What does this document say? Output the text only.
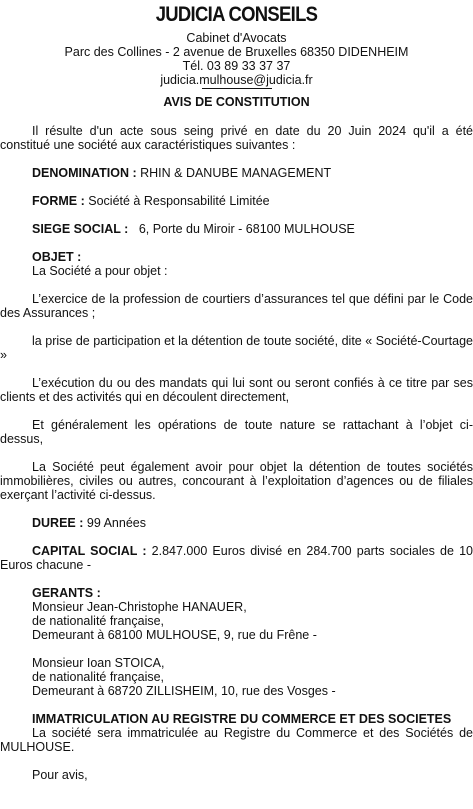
JUDICIA CONSEILS

Cabinet d'Avocats

Parc des Collines - 2 avenue de Bruxelles 68350 DIDENHEIM

Tél. 03 89 33 37 37

judicia.mulhouse@judicia.fr

AVIS DE CONSTITUTION

Il résulte d'un acte sous seing privé en date du 20 Juin 2024 qu'il a été constitué une société aux caractéristiques suivantes :

DENOMINATION : RHIN & DANUBE MANAGEMENT

FORME : Société à Responsabilité Limitée

SIEGE SOCIAL : 6, Porte du Miroir - 68100 MULHOUSE

OBJET :

La Société a pour objet :

L’exercice de la profession de courtiers d’assurances tel que défini par le Code des Assurances ;

la prise de participation et la détention de toute société, dite « Société-Courtage »

L’exécution du ou des mandats qui lui sont ou seront confiés à ce titre par ses clients et des activités qui en découlent directement,

Et généralement les opérations de toute nature se rattachant à l’objet ci-dessus,

La Société peut également avoir pour objet la détention de toutes sociétés immobilières, civiles ou autres, concourant à l’exploitation d’agences ou de filiales exerçant l’activité ci-dessus.

DUREE : 99 Années

CAPITAL SOCIAL : 2.847.000 Euros divisé en 284.700 parts sociales de 10 Euros chacune -

GERANTS :

Monsieur Jean-Christophe HANAUER,
de nationalité française,
Demeurant à 68100 MULHOUSE, 9, rue du Frêne -
Monsieur Ioan STOICA,
de nationalité française,
Demeurant à 68720 ZILLISHEIM, 10, rue des Vosges -

IMMATRICULATION AU REGISTRE DU COMMERCE ET DES SOCIETES

La société sera immatriculée au Registre du Commerce et des Sociétés de MULHOUSE.

Pour avis,
